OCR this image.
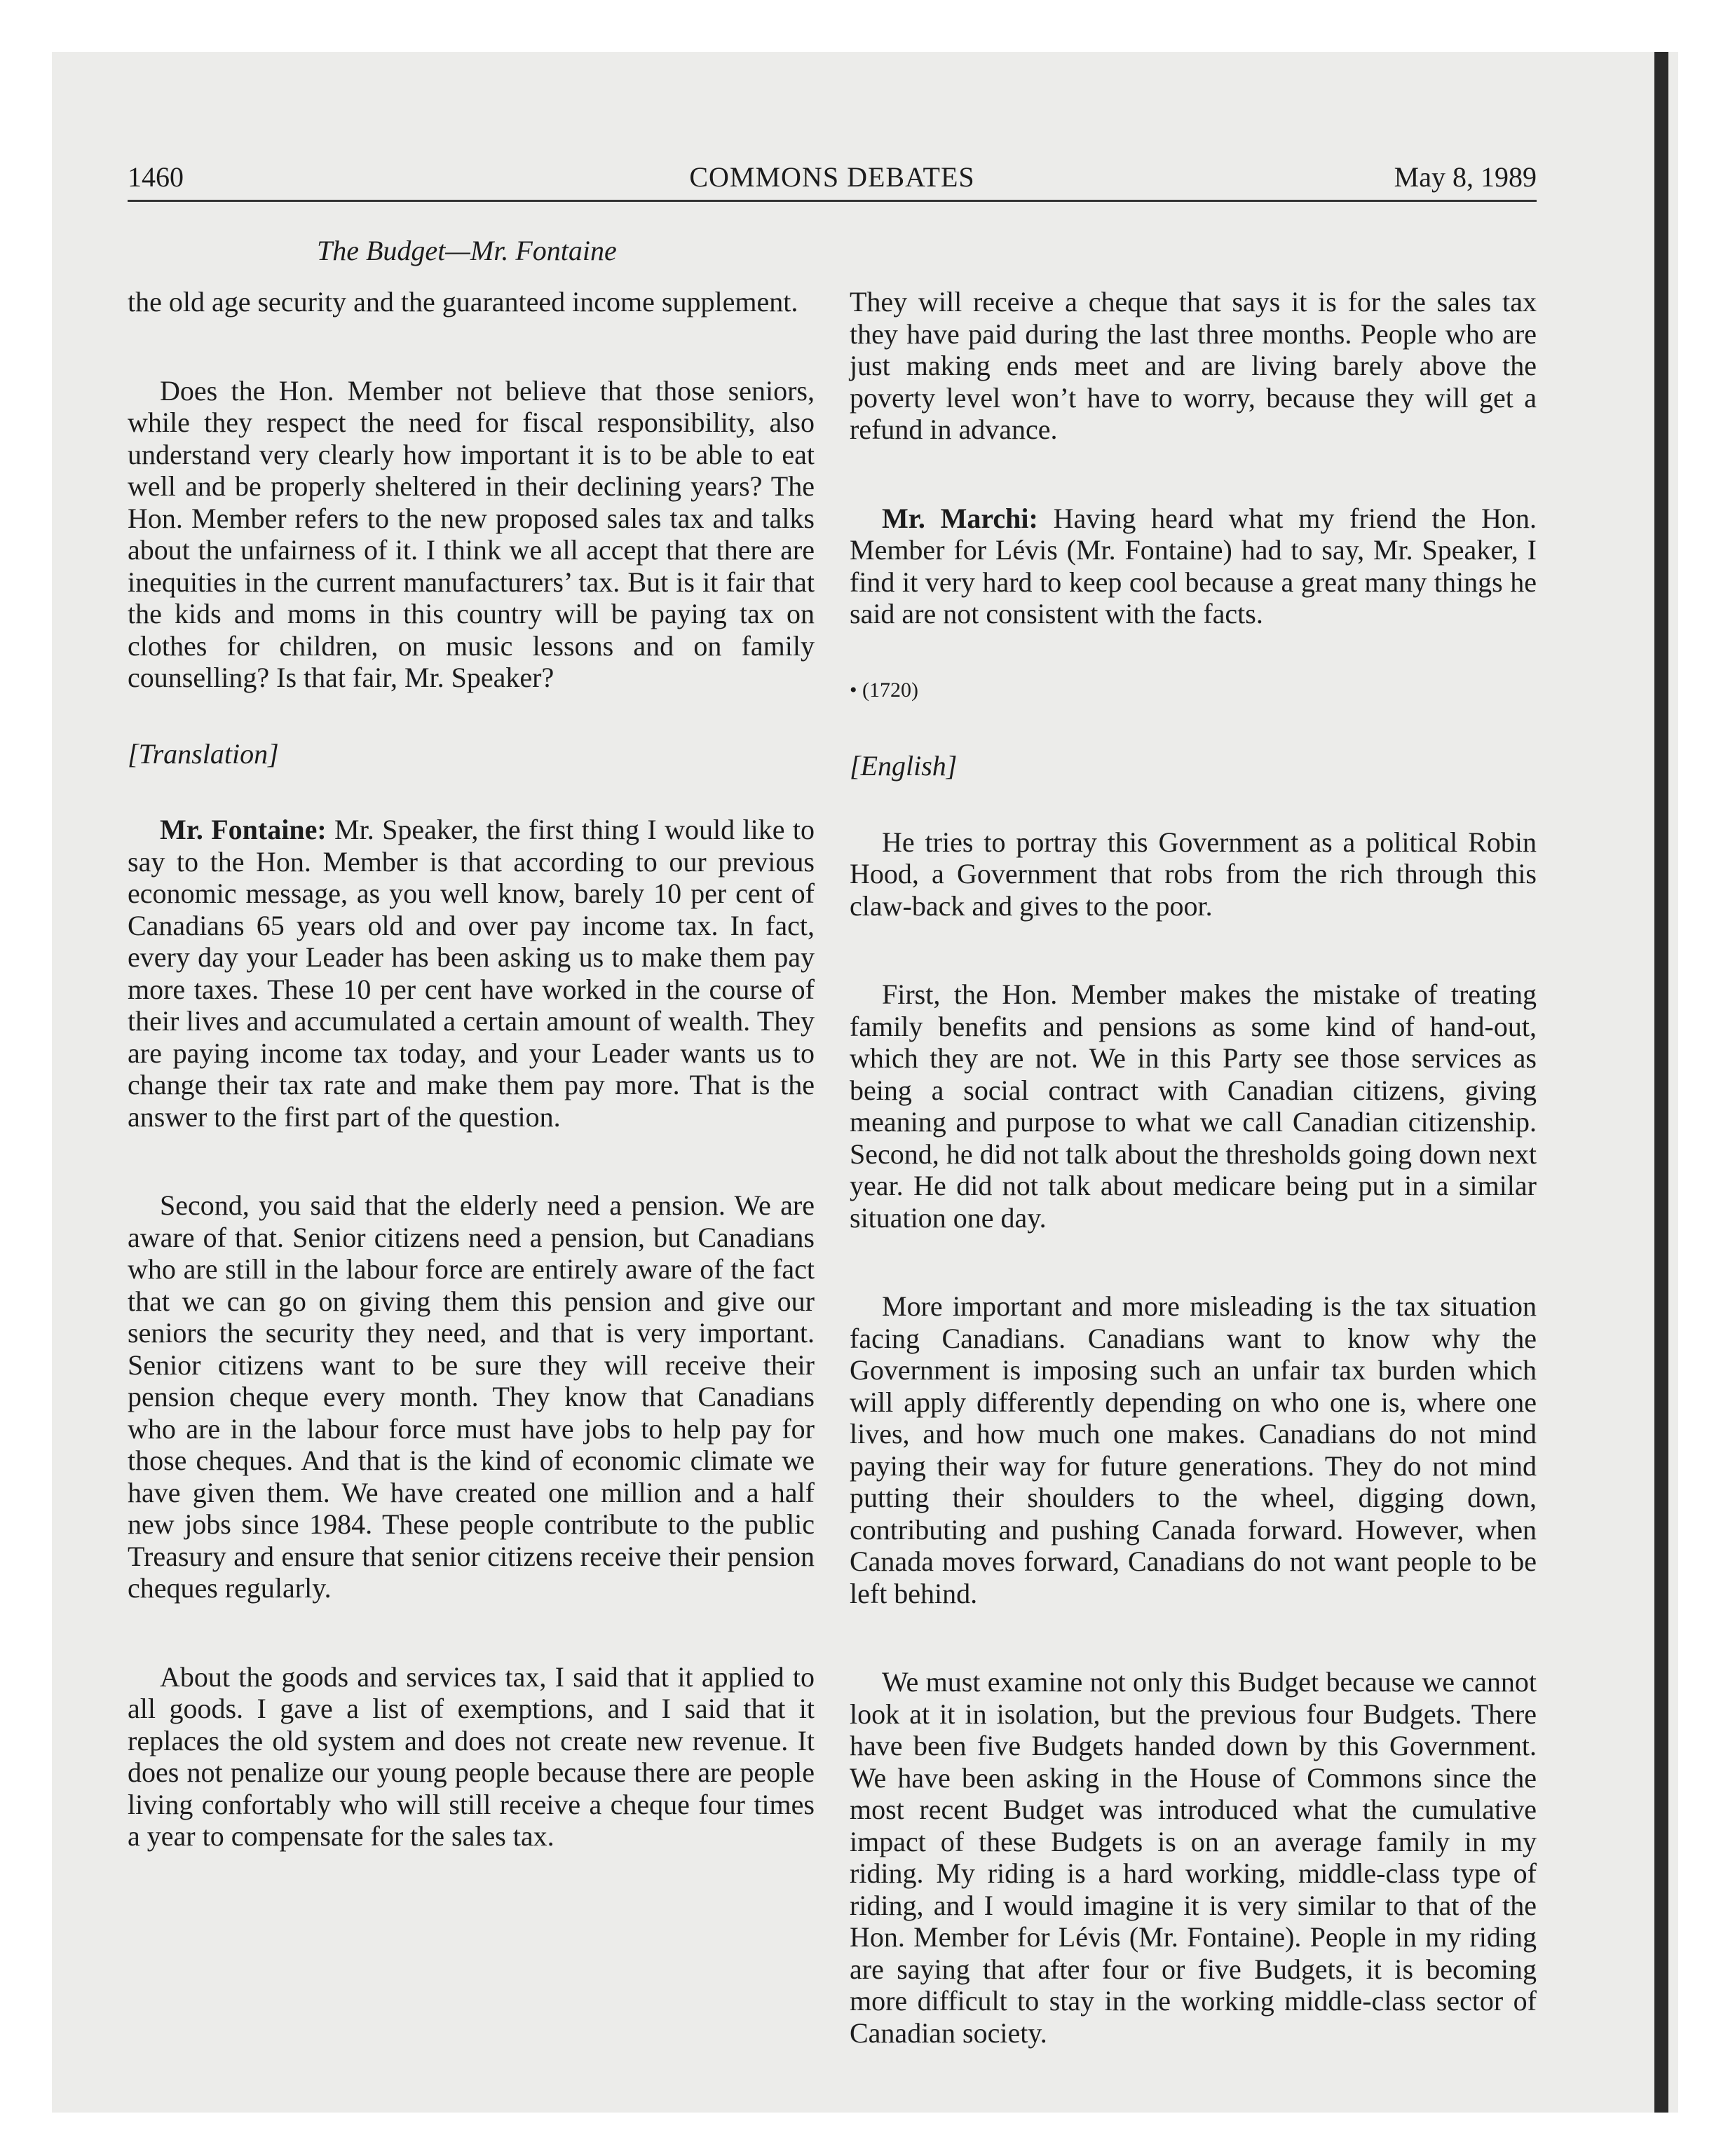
1460	COMMONS DEBATES	May 8, 1989
The Budget—Mr. Fontaine

the old age security and the guaranteed income supplement.

Does the Hon. Member not believe that those seniors, while they respect the need for fiscal responsibility, also understand very clearly how important it is to be able to eat well and be properly sheltered in their declining years? The Hon. Member refers to the new proposed sales tax and talks about the unfairness of it. I think we all accept that there are inequities in the current manufacturers’ tax. But is it fair that the kids and moms in this country will be paying tax on clothes for children, on music lessons and on family counselling? Is that fair, Mr. Speaker?

[Translation]

Mr. Fontaine: Mr. Speaker, the first thing I would like to say to the Hon. Member is that according to our previous economic message, as you well know, barely 10 per cent of Canadians 65 years old and over pay income tax. In fact, every day your Leader has been asking us to make them pay more taxes. These 10 per cent have worked in the course of their lives and accumulated a certain amount of wealth. They are paying income tax today, and your Leader wants us to change their tax rate and make them pay more. That is the answer to the first part of the question.

Second, you said that the elderly need a pension. We are aware of that. Senior citizens need a pension, but Canadians who are still in the labour force are entirely aware of the fact that we can go on giving them this pension and give our seniors the security they need, and that is very important. Senior citizens want to be sure they will receive their pension cheque every month. They know that Canadians who are in the labour force must have jobs to help pay for those cheques. And that is the kind of economic climate we have given them. We have created one million and a half new jobs since 1984. These people contribute to the public Treasury and ensure that senior citizens receive their pension cheques regularly.

About the goods and services tax, I said that it applied to all goods. I gave a list of exemptions, and I said that it replaces the old system and does not create new revenue. It does not penalize our young people because there are people living confortably who will still receive a cheque four times a year to compensate for the sales tax.

They will receive a cheque that says it is for the sales tax they have paid during the last three months. People who are just making ends meet and are living barely above the poverty level won’t have to worry, because they will get a refund in advance.

Mr. Marchi: Having heard what my friend the Hon. Member for Lévis (Mr. Fontaine) had to say, Mr. Speaker, I find it very hard to keep cool because a great many things he said are not consistent with the facts.

• (1720)

[English]

He tries to portray this Government as a political Robin Hood, a Government that robs from the rich through this claw-back and gives to the poor.

First, the Hon. Member makes the mistake of treating family benefits and pensions as some kind of hand-out, which they are not. We in this Party see those services as being a social contract with Canadian citizens, giving meaning and purpose to what we call Canadian citizenship. Second, he did not talk about the thresholds going down next year. He did not talk about medicare being put in a similar situation one day.

More important and more misleading is the tax situation facing Canadians. Canadians want to know why the Government is imposing such an unfair tax burden which will apply differently depending on who one is, where one lives, and how much one makes. Canadians do not mind paying their way for future generations. They do not mind putting their shoulders to the wheel, digging down, contributing and pushing Canada forward. However, when Canada moves forward, Canadians do not want people to be left behind.

We must examine not only this Budget because we cannot look at it in isolation, but the previous four Budgets. There have been five Budgets handed down by this Government. We have been asking in the House of Commons since the most recent Budget was introduced what the cumulative impact of these Budgets is on an average family in my riding. My riding is a hard working, middle-class type of riding, and I would imagine it is very similar to that of the Hon. Member for Lévis (Mr. Fontaine). People in my riding are saying that after four or five Budgets, it is becoming more difficult to stay in the working middle-class sector of Canadian society.
